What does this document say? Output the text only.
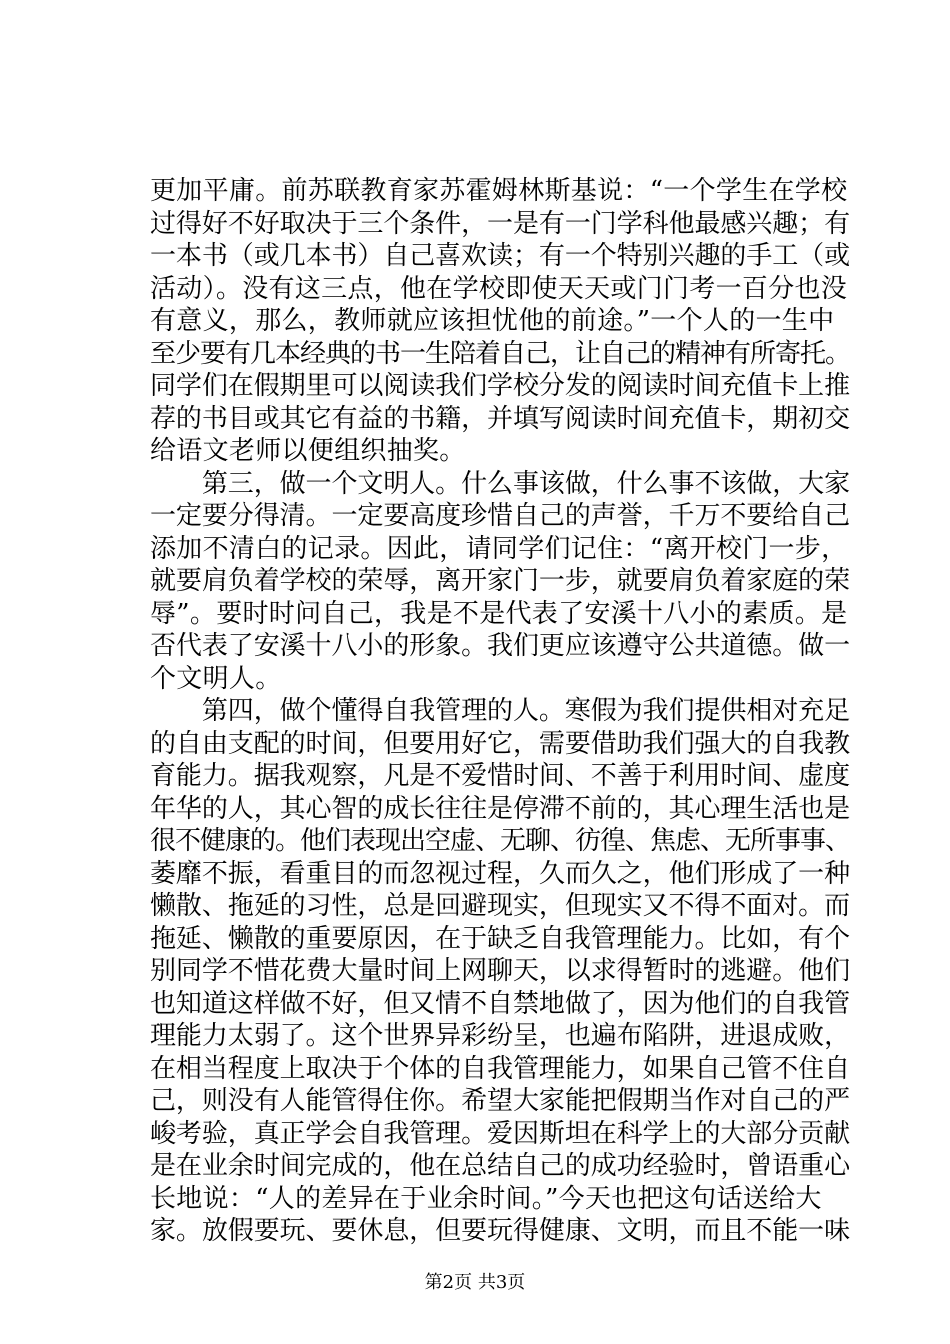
更加平庸。前苏联教育家苏霍姆林斯基说：“一个学生在学校
过得好不好取决于三个条件，一是有一门学科他最感兴趣；有
一本书（或几本书）自己喜欢读；有一个特别兴趣的手工（或
活动）。没有这三点，他在学校即使天天或门门考一百分也没
有意义，那么，教师就应该担忧他的前途。”一个人的一生中
至少要有几本经典的书一生陪着自己，让自己的精神有所寄托。
同学们在假期里可以阅读我们学校分发的阅读时间充值卡上推
荐的书目或其它有益的书籍，并填写阅读时间充值卡，期初交
给语文老师以便组织抽奖。
　　第三，做一个文明人。什么事该做，什么事不该做，大家
一定要分得清。一定要高度珍惜自己的声誉，千万不要给自己
添加不清白的记录。因此，请同学们记住：“离开校门一步，
就要肩负着学校的荣辱，离开家门一步，就要肩负着家庭的荣
辱”。要时时问自己，我是不是代表了安溪十八小的素质。是
否代表了安溪十八小的形象。我们更应该遵守公共道德。做一
个文明人。
　　第四，做个懂得自我管理的人。寒假为我们提供相对充足
的自由支配的时间，但要用好它，需要借助我们强大的自我教
育能力。据我观察，凡是不爱惜时间、不善于利用时间、虚度
年华的人，其心智的成长往往是停滞不前的，其心理生活也是
很不健康的。他们表现出空虚、无聊、彷徨、焦虑、无所事事、
萎靡不振，看重目的而忽视过程，久而久之，他们形成了一种
懒散、拖延的习性，总是回避现实，但现实又不得不面对。而
拖延、懒散的重要原因，在于缺乏自我管理能力。比如，有个
别同学不惜花费大量时间上网聊天，以求得暂时的逃避。他们
也知道这样做不好，但又情不自禁地做了，因为他们的自我管
理能力太弱了。这个世界异彩纷呈，也遍布陷阱，进退成败，
在相当程度上取决于个体的自我管理能力，如果自己管不住自
己，则没有人能管得住你。希望大家能把假期当作对自己的严
峻考验，真正学会自我管理。爱因斯坦在科学上的大部分贡献
是在业余时间完成的，他在总结自己的成功经验时，曾语重心
长地说：“人的差异在于业余时间。”今天也把这句话送给大
家。放假要玩、要休息，但要玩得健康、文明，而且不能一味
第2页 共3页
